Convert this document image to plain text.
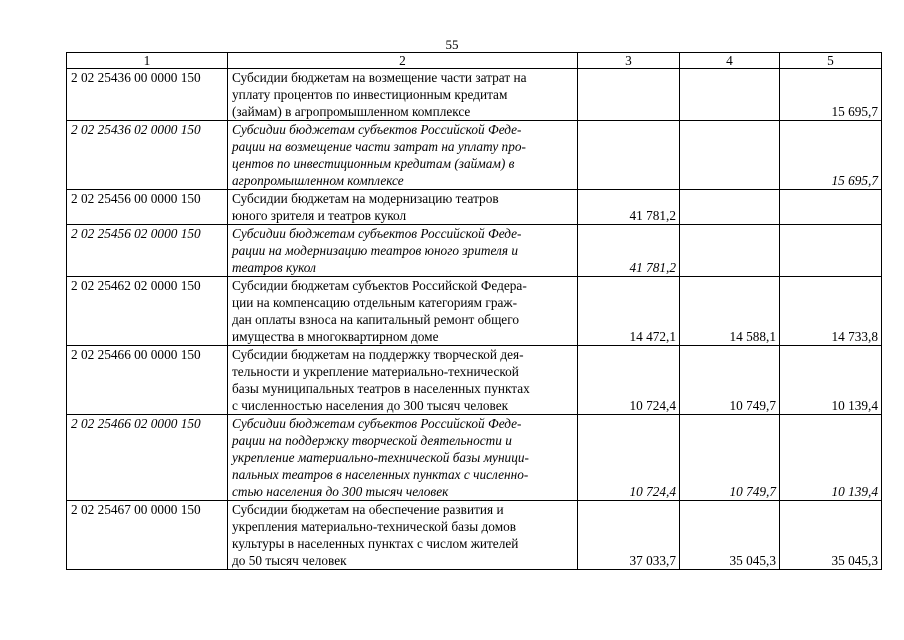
55
1	2	3	4	5
2 02 25436 00 0000 150	Субсидии бюджетам на возмещение части затрат на
уплату процентов по инвестиционным кредитам
(займам) в агропромышленном комплексе			15 695,7
2 02 25436 02 0000 150	Субсидии бюджетам субъектов Российской Феде-
рации на возмещение части затрат на уплату про-
центов по инвестиционным кредитам (займам) в
агропромышленном комплексе			15 695,7
2 02 25456 00 0000 150	Субсидии бюджетам на модернизацию театров
юного зрителя и театров кукол	41 781,2		
2 02 25456 02 0000 150	Субсидии бюджетам субъектов Российской Феде-
рации на модернизацию театров юного зрителя и
театров кукол	41 781,2		
2 02 25462 02 0000 150	Субсидии бюджетам субъектов Российской Федера-
ции на компенсацию отдельным категориям граж-
дан оплаты взноса на капитальный ремонт общего
имущества в многоквартирном доме	14 472,1	14 588,1	14 733,8
2 02 25466 00 0000 150	Субсидии бюджетам на поддержку творческой дея-
тельности и укрепление материально-технической
базы муниципальных театров в населенных пунктах
с численностью населения до 300 тысяч человек	10 724,4	10 749,7	10 139,4
2 02 25466 02 0000 150	Субсидии бюджетам субъектов Российской Феде-
рации на поддержку творческой деятельности и
укрепление материально-технической базы муници-
пальных театров в населенных пунктах с численно-
стью населения до 300 тысяч человек	10 724,4	10 749,7	10 139,4
2 02 25467 00 0000 150	Субсидии бюджетам на обеспечение развития и
укрепления материально-технической базы домов
культуры в населенных пунктах с числом жителей
до 50 тысяч человек	37 033,7	35 045,3	35 045,3
